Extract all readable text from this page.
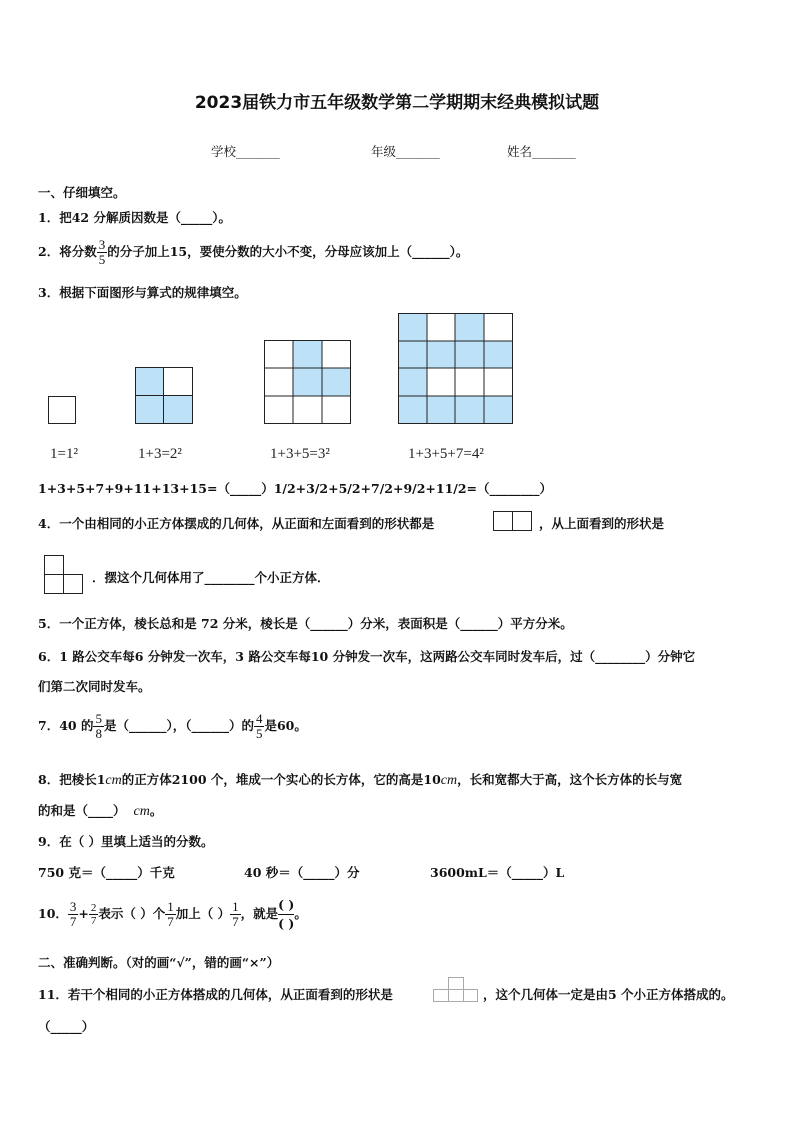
2023届铁力市五年级数学第二学期期末经典模拟试题
学校_______	年级_______	姓名_______
一、仔细填空。
1．把42 分解质因数是（_____）。
2．将分数 $\frac{3}{5}$ 的分子加上15，要使分数的大小不变，分母应该加上（______）。
3．根据下面图形与算式的规律填空。
1=1²	1+3=2²	1+3+5=3²	1+3+5+7=4²
1+3+5+7+9+11+13+15=（_____）1/2+3/2+5/2+7/2+9/2+11/2=（________）
4．一个由相同的小正方体摆成的几何体，从正面和左面看到的形状都是	，从上面看到的形状是
．摆这个几何体用了________个小正方体．
5．一个正方体，棱长总和是 72 分米，棱长是（______）分米，表面积是（______）平方分米。
6．1 路公交车每6 分钟发一次车，3 路公交车每10 分钟发一次车，这两路公交车同时发车后，过（________）分钟它
们第二次同时发车。
7．40 的 $\frac{5}{8}$ 是（______），（______）的 $\frac{4}{5}$ 是60。
8．把棱长1cm的正方体2100 个，堆成一个实心的长方体，它的高是10cm，长和宽都大于高，这个长方体的长与宽
的和是（____） cm。
9．在（ ）里填上适当的分数。
750 克＝（_____）千克	40 秒＝（_____）分	3600mL＝（_____）L
10． $\frac{3}{7} + \frac{2}{7}$ 表示（ ）个 $\frac{1}{7}$ 加上（ ） $\frac{1}{7}$ ，就是
( )
( )。
二、准确判断。（对的画“√”，错的画“×”）
11．若干个相同的小正方体搭成的几何体，从正面看到的形状是	，这个几何体一定是由5 个小正方体搭成的。
（_____）
